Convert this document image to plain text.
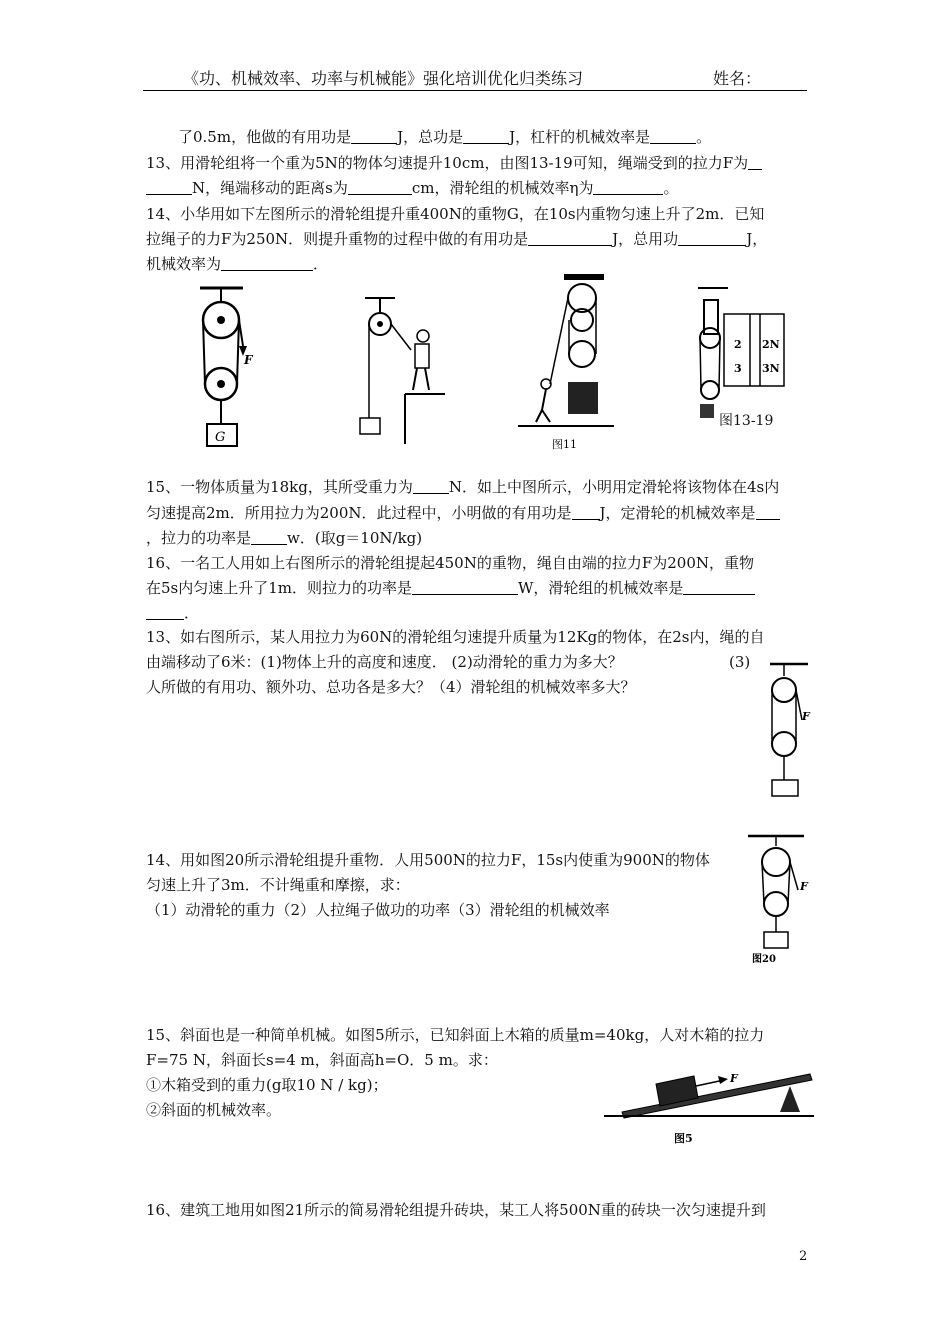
《功、机械效率、功率与机械能》强化培训优化归类练习	姓名：
了0.5m，他做的有用功是	J，总功是	J，杠杆的机械效率是	。
13、用滑轮组将一个重为5N的物体匀速提升10cm，由图13-19可知，绳端受到的拉力F为
N，绳端移动的距离s为	cm，滑轮组的机械效率η为	。
14、小华用如下左图所示的滑轮组提升重400N的重物G，在10s内重物匀速上升了2m．已知
拉绳子的力F为250N．则提升重物的过程中做的有用功是	J，总用功	J，
机械效率为	．
15、一物体质量为18kg，其所受重力为 N．如上中图所示，小明用定滑轮将该物体在4s内
匀速提高2m．所用拉力为200N．此过程中，小明做的有用功是 J，定滑轮的机械效率是
，拉力的功率是 w．(取g＝10N/kg)
16、一名工人用如上右图所示的滑轮组提起450N的重物，绳自由端的拉力F为200N，重物
在5s内匀速上升了1m．则拉力的功率是	W，滑轮组的机械效率是
．
13、如右图所示，某人用拉力为60N的滑轮组匀速提升质量为12Kg的物体，在2s内，绳的自
由端移动了6米：(1)物体上升的高度和速度． (2)动滑轮的重力为多大？	(3)
人所做的有用功、额外功、总功各是多大？（4）滑轮组的机械效率多大？
14、用如图20所示滑轮组提升重物．人用500N的拉力F，15s内使重为900N的物体
匀速上升了3m．不计绳重和摩擦，求：
（1）动滑轮的重力（2）人拉绳子做功的功率（3）滑轮组的机械效率
15、斜面也是一种简单机械。如图5所示，已知斜面上木箱的质量m=40kg，人对木箱的拉力
F=75 N，斜面长s=4 m，斜面高h=O．5 m。求：
①木箱受到的重力(g取10 N / kg)；
②斜面的机械效率。
16、建筑工地用如图21所示的简易滑轮组提升砖块，某工人将500N重的砖块一次匀速提升到
F
G	图11
2 2N
3 3N
图13-19
F
F
图20
F
图5
2
